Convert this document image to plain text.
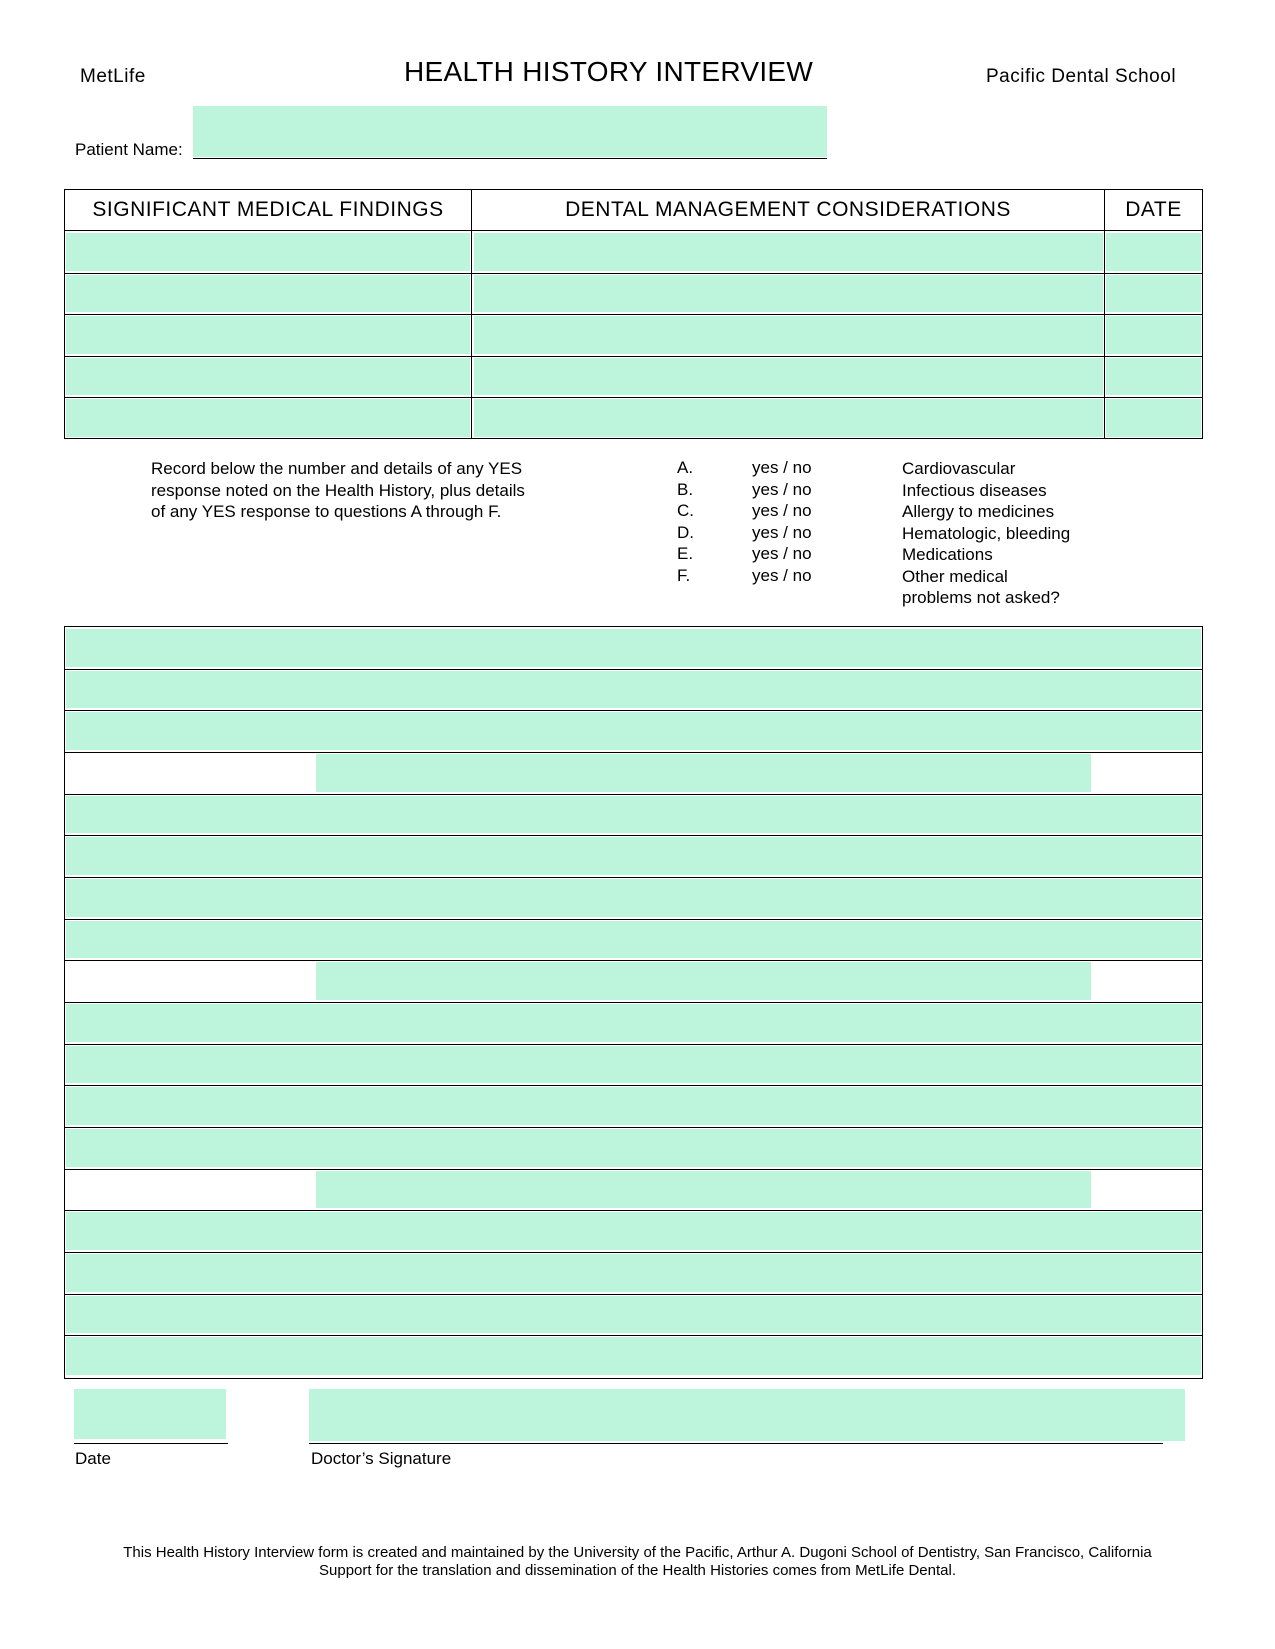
MetLife	HEALTH HISTORY INTERVIEW	Pacific Dental School
Patient Name:
SIGNIFICANT MEDICAL FINDINGS	DENTAL MANAGEMENT CONSIDERATIONS	DATE
Record below the number and details of any YES
response noted on the Health History, plus details
of any YES response to questions A through F.
A.	yes / no	Cardiovascular
B.	yes / no	Infectious diseases
C.	yes / no	Allergy to medicines
D.	yes / no	Hematologic, bleeding
E.	yes / no	Medications
F.	yes / no	Other medical
problems not asked?
Date	Doctor’s Signature
This Health History Interview form is created and maintained by the University of the Pacific, Arthur A. Dugoni School of Dentistry, San Francisco, California
Support for the translation and dissemination of the Health Histories comes from MetLife Dental.
